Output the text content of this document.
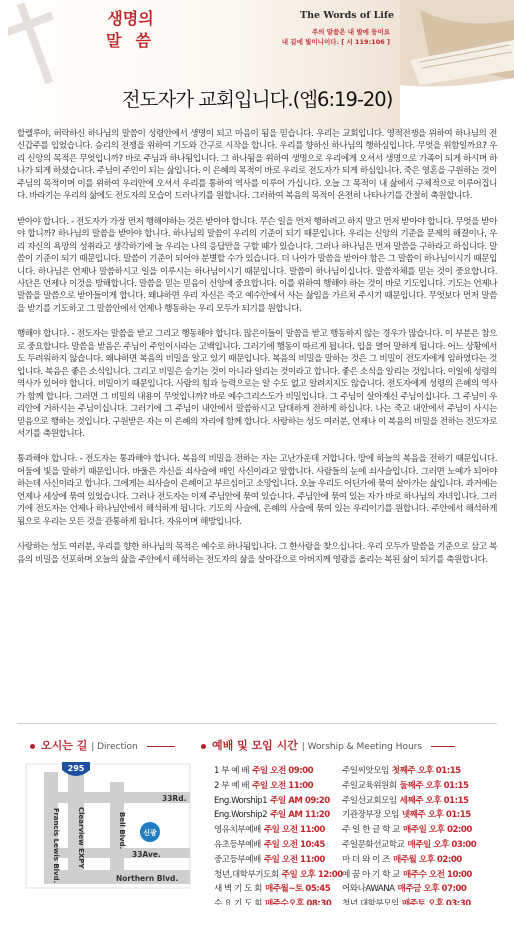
생명의
말씀
The Words of Life
주의 말씀은 내 발에 등이요
내 길에 빛이니이다. [ 시 119:106 ]
전도자가 교회입니다.(엡6:19-20)

할렐루야, 허락하신 하나님의 말씀이 성령안에서 생명이 되고 마음이 됨을 믿습니다. 우리는 교회입니다. 영적전쟁을 위하여 하나님의 전신갑주를 입었습니다. 승리의 전쟁을 위하여 기도와 간구로 시작을 합니다. 우리를 향하신 하나님의 행하심입니다. 무엇을 위함일까요? 우리 신앙의 목적은 무엇입니까? 바로 주님과 하나됨입니다. 그 하나됨을 위하여 생명으로 우리에게 오셔서 생명으로 가족이 되게 하시며 하나가 되게 하셨습니다. 주님이 주인이 되는 삶입니다. 이 은혜의 목적이 바로 우리로 전도자가 되게 하심입니다. 죽은 영혼을 구원하는 것이 주님의 목적이며 이를 위하여 우리안에 오셔서 우리를 통하여 역사를 이루어 가십니다. 오늘 그 목적이 내 삶에서 구체적으로 이루어집니다. 바라기는 우리의 삶에도 전도자의 모습이 드러나기를 원합니다. 그러하여 복음의 목적이 온전히 나타나기를 간절히 축원합니다.

받아야 합니다. - 전도자가 가장 먼저 행해야하는 것은 받아야 합니다. 무슨 일을 먼저 행하려고 하지 말고 먼저 받아야 합니다. 무엇을 받아야 합니까? 하나님의 말씀을 받아야 합니다. 하나님의 말씀이 우리의 기준이 되기 때문입니다. 우리는 신앙의 기준을 문제의 해결이나, 우리 자신의 욕망의 성취라고 생각하기에 늘 우리는 나의 응답만을 구할 때가 있습니다. 그러나 하나님은 먼저 말씀을 구하라고 하십니다. 말씀이 기준이 되기 때문입니다. 말씀이 기준이 되어야 분별할 수가 있습니다. 더 나아가 말씀을 받아야 함은 그 말씀이 하나님이시기 때문입니다. 하나님은 언제나 말씀하시고 일을 이루시는 하나님이시기 때문입니다. 말씀이 하나님이십니다. 말씀자체를 믿는 것이 중요합니다. 사단은 언제나 이것을 방해합니다. 말씀을 믿는 믿음이 신앙에 중요합니다. 이를 위하여 행해야 하는 것이 바로 기도입니다. 기도는 언제나 말씀을 말씀으로 받아들이게 합니다. 왜냐하면 우리 자신은 죽고 예수안에서 사는 삶임을 가르쳐 주시기 때문입니다. 무엇보다 먼저 말씀을 받기를 기도하고 그 말씀안에서 언제나 행동하는 우리 모두가 되기를 원합니다.

행해야 합니다. - 전도자는 말씀을 받고 그리고 행동해야 합니다. 많은이들이 말씀을 받고 행동하지 않는 경우가 많습니다. 이 부분은 참으로 중요합니다. 말씀을 받음은 주님이 주인이시라는 고백입니다. 그러기에 행동이 따르게 됩니다. 입을 열어 말하게 됩니다. 어느 상황에서도 두려워하지 않습니다. 왜냐하면 복음의 비밀을 알고 있기 때문입니다. 복음의 비밀을 말하는 것은 그 비밀이 전도자에게 임하였다는 것입니다. 복음은 좋은 소식입니다. 그리고 비밀은 숨기는 것이 아니라 알리는 것이라고 합니다. 좋은 소식을 알리는 것입니다. 이일에 성령의 역사가 있어야 합니다. 비밀이기 때문입니다. 사람의 힘과 능력으로는 알 수도 없고 알려지지도 않습니다. 전도자에게 성령의 은혜의 역사가 함께 합니다. 그러면 그 비밀의 내용이 무엇입니까? 바로 예수그리스도가 비밀입니다. 그 주님이 살아계신 주님이십니다. 그 주님이 우리안에 거하시는 주님이십니다. 그러기에 그 주님이 내안에서 말씀하시고 담대하게 전하게 하십니다. 나는 죽고 내안에서 주님이 사시는 믿음으로 행하는 것입니다. 구원받은 자는 이 은혜의 자리에 함께 합니다. 사랑하는 성도 여러분, 언제나 이 복음의 비밀을 전하는 전도자로 서기를 축원합니다.

통과해야 합니다. - 전도자는 통과해야 합니다. 복음의 비밀을 전하는 자는 고난가운데 거합니다. 땅에 하늘의 복음을 전하기 때문입니다. 어둠에 빛을 말하기 때문입니다. 바울은 자신을 쇠사슬에 매인 사신이라고 말합니다. 사람들의 눈에 쇠사슬입니다. 그러면 노예가 되어야 하는데 사신이라고 합니다. 그에게는 쇠사슬이 은혜이고 부르심이고 소망입니다. 오늘 우리도 어딘가에 묶여 살아가는 삶입니다. 과거에는 언제나 세상에 묶여 있었습니다. 그러나 전도자는 이제 주님안에 묶여 있습니다. 주님안에 묶여 있는 자가 바로 하나님의 자녀입니다. 그러기에 전도자는 언제나 하나님안에서 해석하게 됩니다. 기도의 사슬에, 은혜의 사슬에 묶여 있는 우리이기를 원합니다. 주안에서 해석하게 됨으로 우리는 모든 것을 관통하게 됩니다. 자유이며 해방입니다.

사랑하는 성도 여러분, 우리를 향한 하나님의 목적은 예수로 하나됨입니다. 그 한사람을 찾으십니다. 우리 모두가 말씀을 기준으로 삼고 복음의 비밀을 선포하며 오늘의 삶을 주안에서 해석하는 전도자의 삶을 살아감으로 아버지께 영광을 올리는 복된 삶이 되기를 축원합니다.

오시는 길 | Direction
295
33Rd.
33Ave.
Northern Blvd.
Clearview EXPY
Francis Lewis Blvd.	Bell Blvd. 신광
예배 및 모임 시간 | Worship & Meeting Hours
1 부 예 배 주일 오전 09:00
2 부 예 배 주일 오전 11:00
Eng.Worship1 주일 AM 09:20
Eng.Worship2 주일 AM 11:20
영유치부예배 주일 오전 11:00
유초등부예배 주일 오전 10:45
중고등부예배 주일 오전 11:00
청년,대학부기도회 주일 오후 12:00
새 벽 기 도 회 매주월~토 05:45
주일씨앗모임 첫째주 오후 01:15
주일교육위원회 둘째주 오후 01:15
주일선교회모임 세째주 오후 01:15
기관장부장 모임 넷째주 오후 01:15
주 일 한 글 학 교 매주일 오후 02:00
주일문화선교학교 매주일 오후 03:00
마 더 와 이 즈 매주월 오후 02:00
예 꿈 아 기 학 교 매주수 오전 10:00
어와나AWANA 매주금 오후 07:00
